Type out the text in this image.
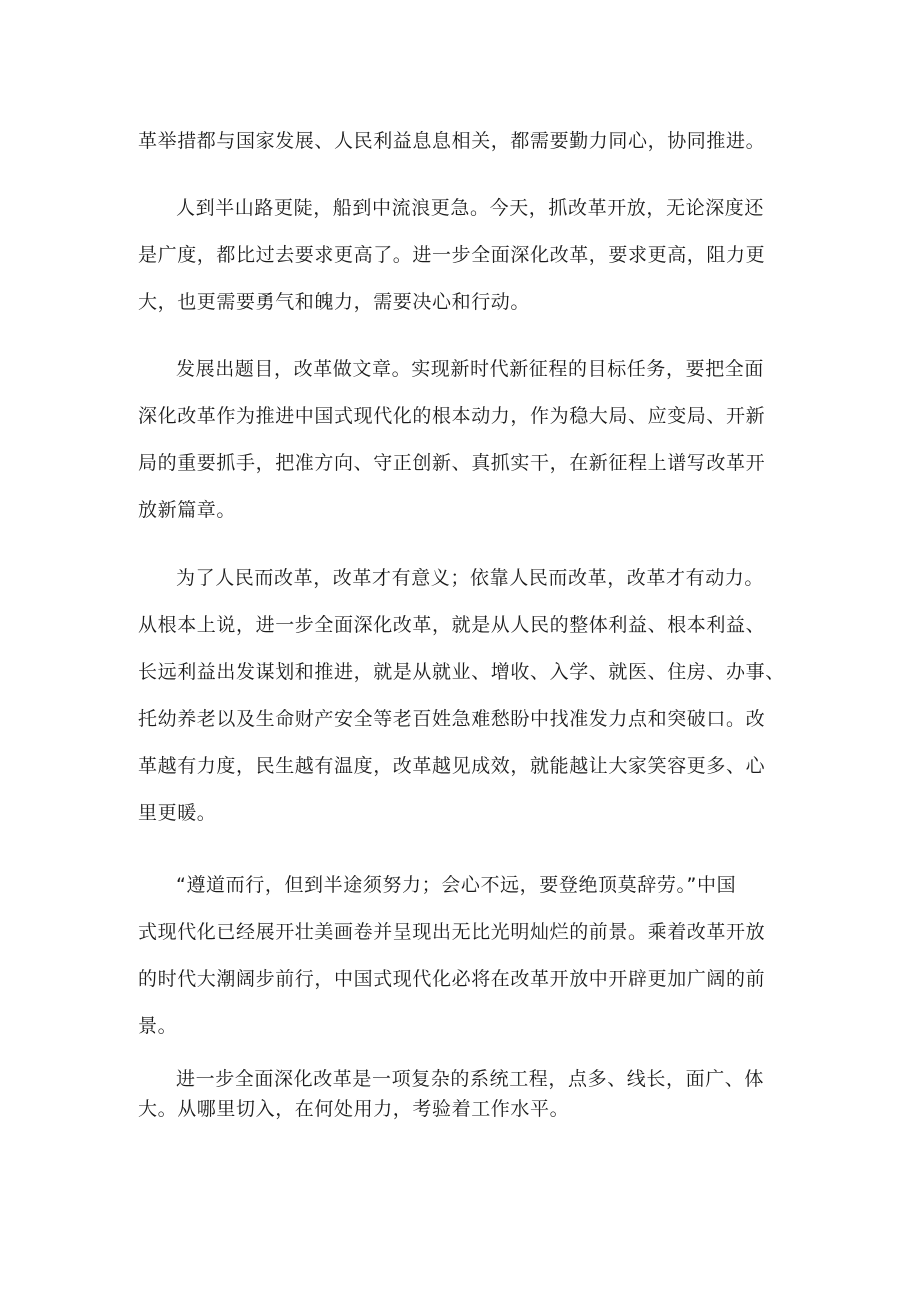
革举措都与国家发展、人民利益息息相关，都需要勤力同心，协同推进。
人到半山路更陡，船到中流浪更急。今天，抓改革开放，无论深度还
是广度，都比过去要求更高了。进一步全面深化改革，要求更高，阻力更
大，也更需要勇气和魄力，需要决心和行动。
发展出题目，改革做文章。实现新时代新征程的目标任务，要把全面
深化改革作为推进中国式现代化的根本动力，作为稳大局、应变局、开新
局的重要抓手，把准方向、守正创新、真抓实干，在新征程上谱写改革开
放新篇章。
为了人民而改革，改革才有意义；依靠人民而改革，改革才有动力。
从根本上说，进一步全面深化改革，就是从人民的整体利益、根本利益、
长远利益出发谋划和推进，就是从就业、增收、入学、就医、住房、办事、
托幼养老以及生命财产安全等老百姓急难愁盼中找准发力点和突破口。改
革越有力度，民生越有温度，改革越见成效，就能越让大家笑容更多、心
里更暖。
“遵道而行，但到半途须努力；会心不远，要登绝顶莫辞劳。”中国
式现代化已经展开壮美画卷并呈现出无比光明灿烂的前景。乘着改革开放
的时代大潮阔步前行，中国式现代化必将在改革开放中开辟更加广阔的前
景。
进一步全面深化改革是一项复杂的系统工程，点多、线长，面广、体
大。从哪里切入，在何处用力，考验着工作水平。
